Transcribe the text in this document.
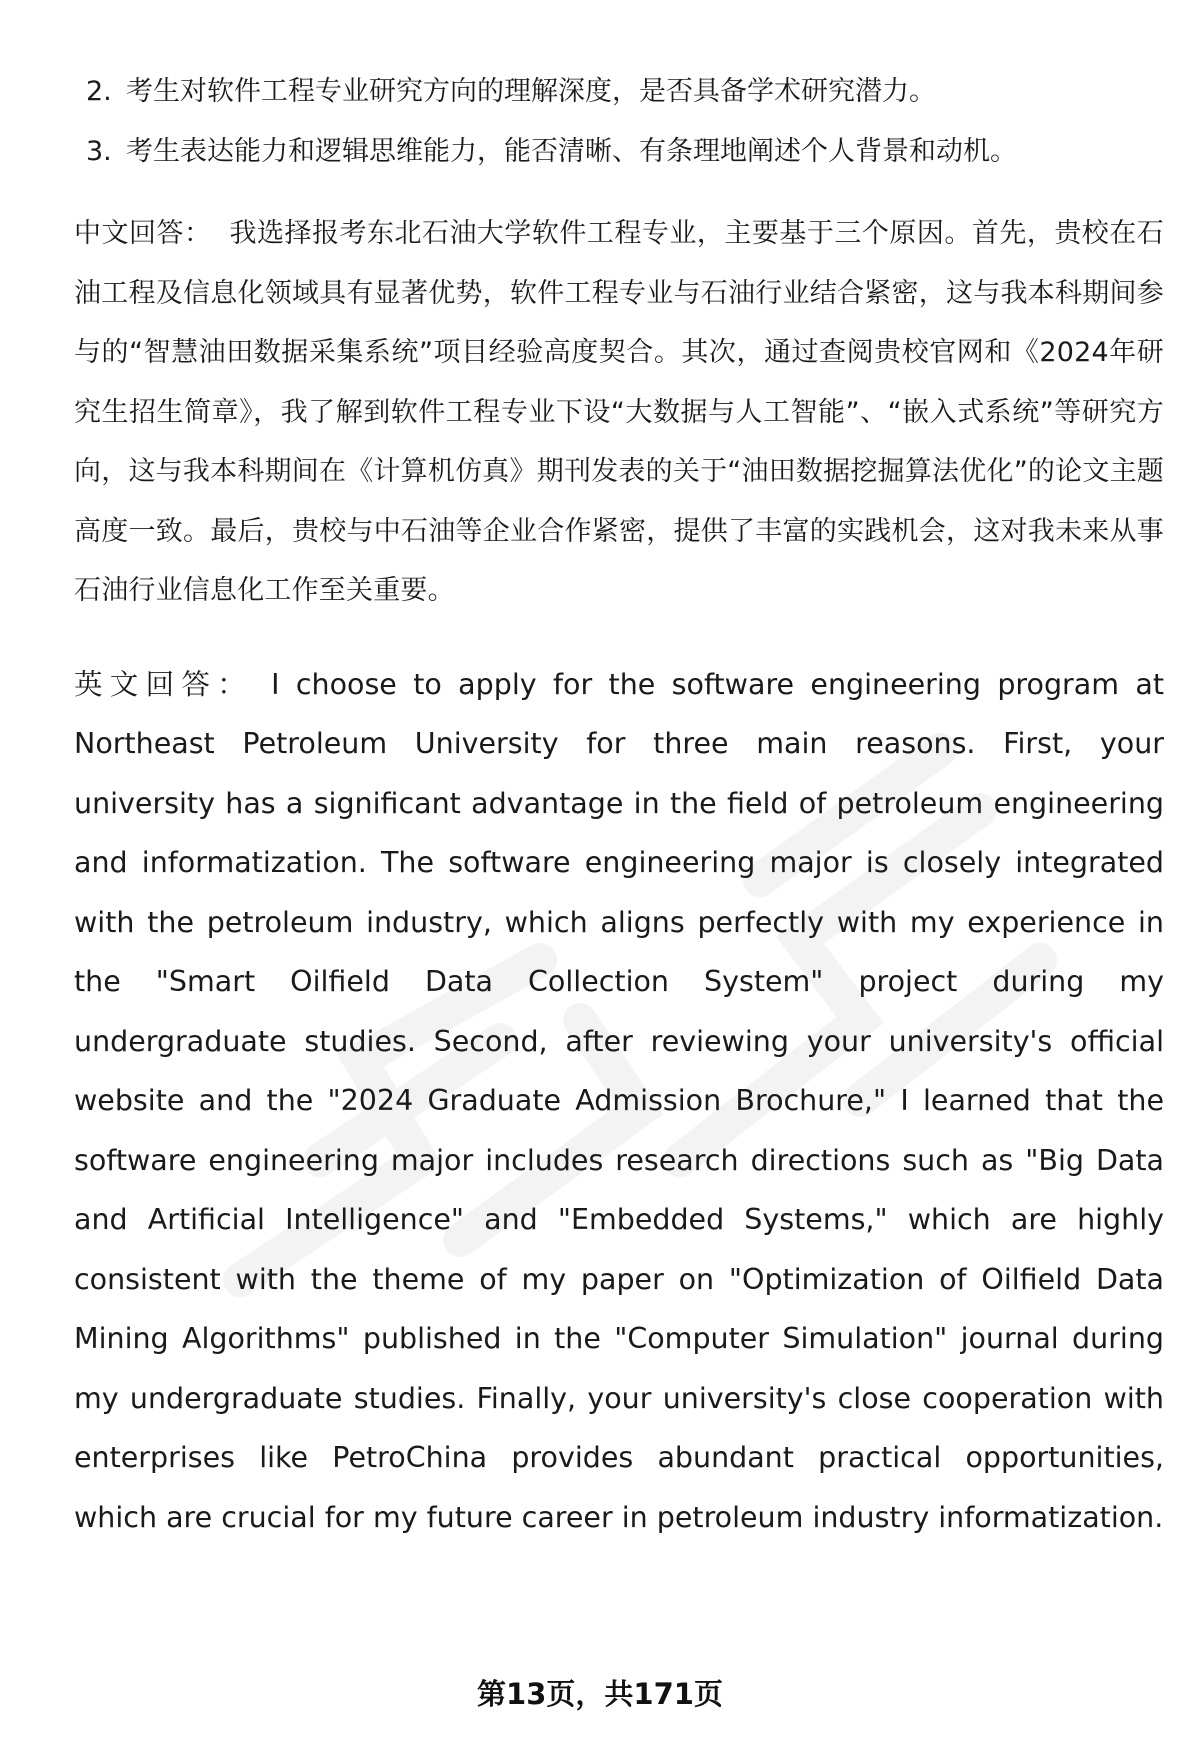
2. 考生对软件工程专业研究方向的理解深度，是否具备学术研究潜力。
3. 考生表达能力和逻辑思维能力，能否清晰、有条理地阐述个人背景和动机。

中文回答： 我选择报考东北石油大学软件工程专业，主要基于三个原因。首先，贵校在石油工程及信息化领域具有显著优势，软件工程专业与石油行业结合紧密，这与我本科期间参与的“智慧油田数据采集系统”项目经验高度契合。其次，通过查阅贵校官网和《2024年研究生招生简章》，我了解到软件工程专业下设“大数据与人工智能”、“嵌入式系统”等研究方向，这与我本科期间在《计算机仿真》期刊发表的关于“油田数据挖掘算法优化”的论文主题高度一致。最后，贵校与中石油等企业合作紧密，提供了丰富的实践机会，这对我未来从事石油行业信息化工作至关重要。

英文回答： I choose to apply for the software engineering program at Northeast Petroleum University for three main reasons. First, your university has a significant advantage in the field of petroleum engineering and informatization. The software engineering major is closely integrated with the petroleum industry, which aligns perfectly with my experience in the "Smart Oilfield Data Collection System" project during my undergraduate studies. Second, after reviewing your university's official website and the "2024 Graduate Admission Brochure," I learned that the software engineering major includes research directions such as "Big Data and Artificial Intelligence" and "Embedded Systems," which are highly consistent with the theme of my paper on "Optimization of Oilfield Data Mining Algorithms" published in the "Computer Simulation" journal during my undergraduate studies. Finally, your university's close cooperation with enterprises like PetroChina provides abundant practical opportunities, which are crucial for my future career in petroleum industry informatization.

第13页，共171页
